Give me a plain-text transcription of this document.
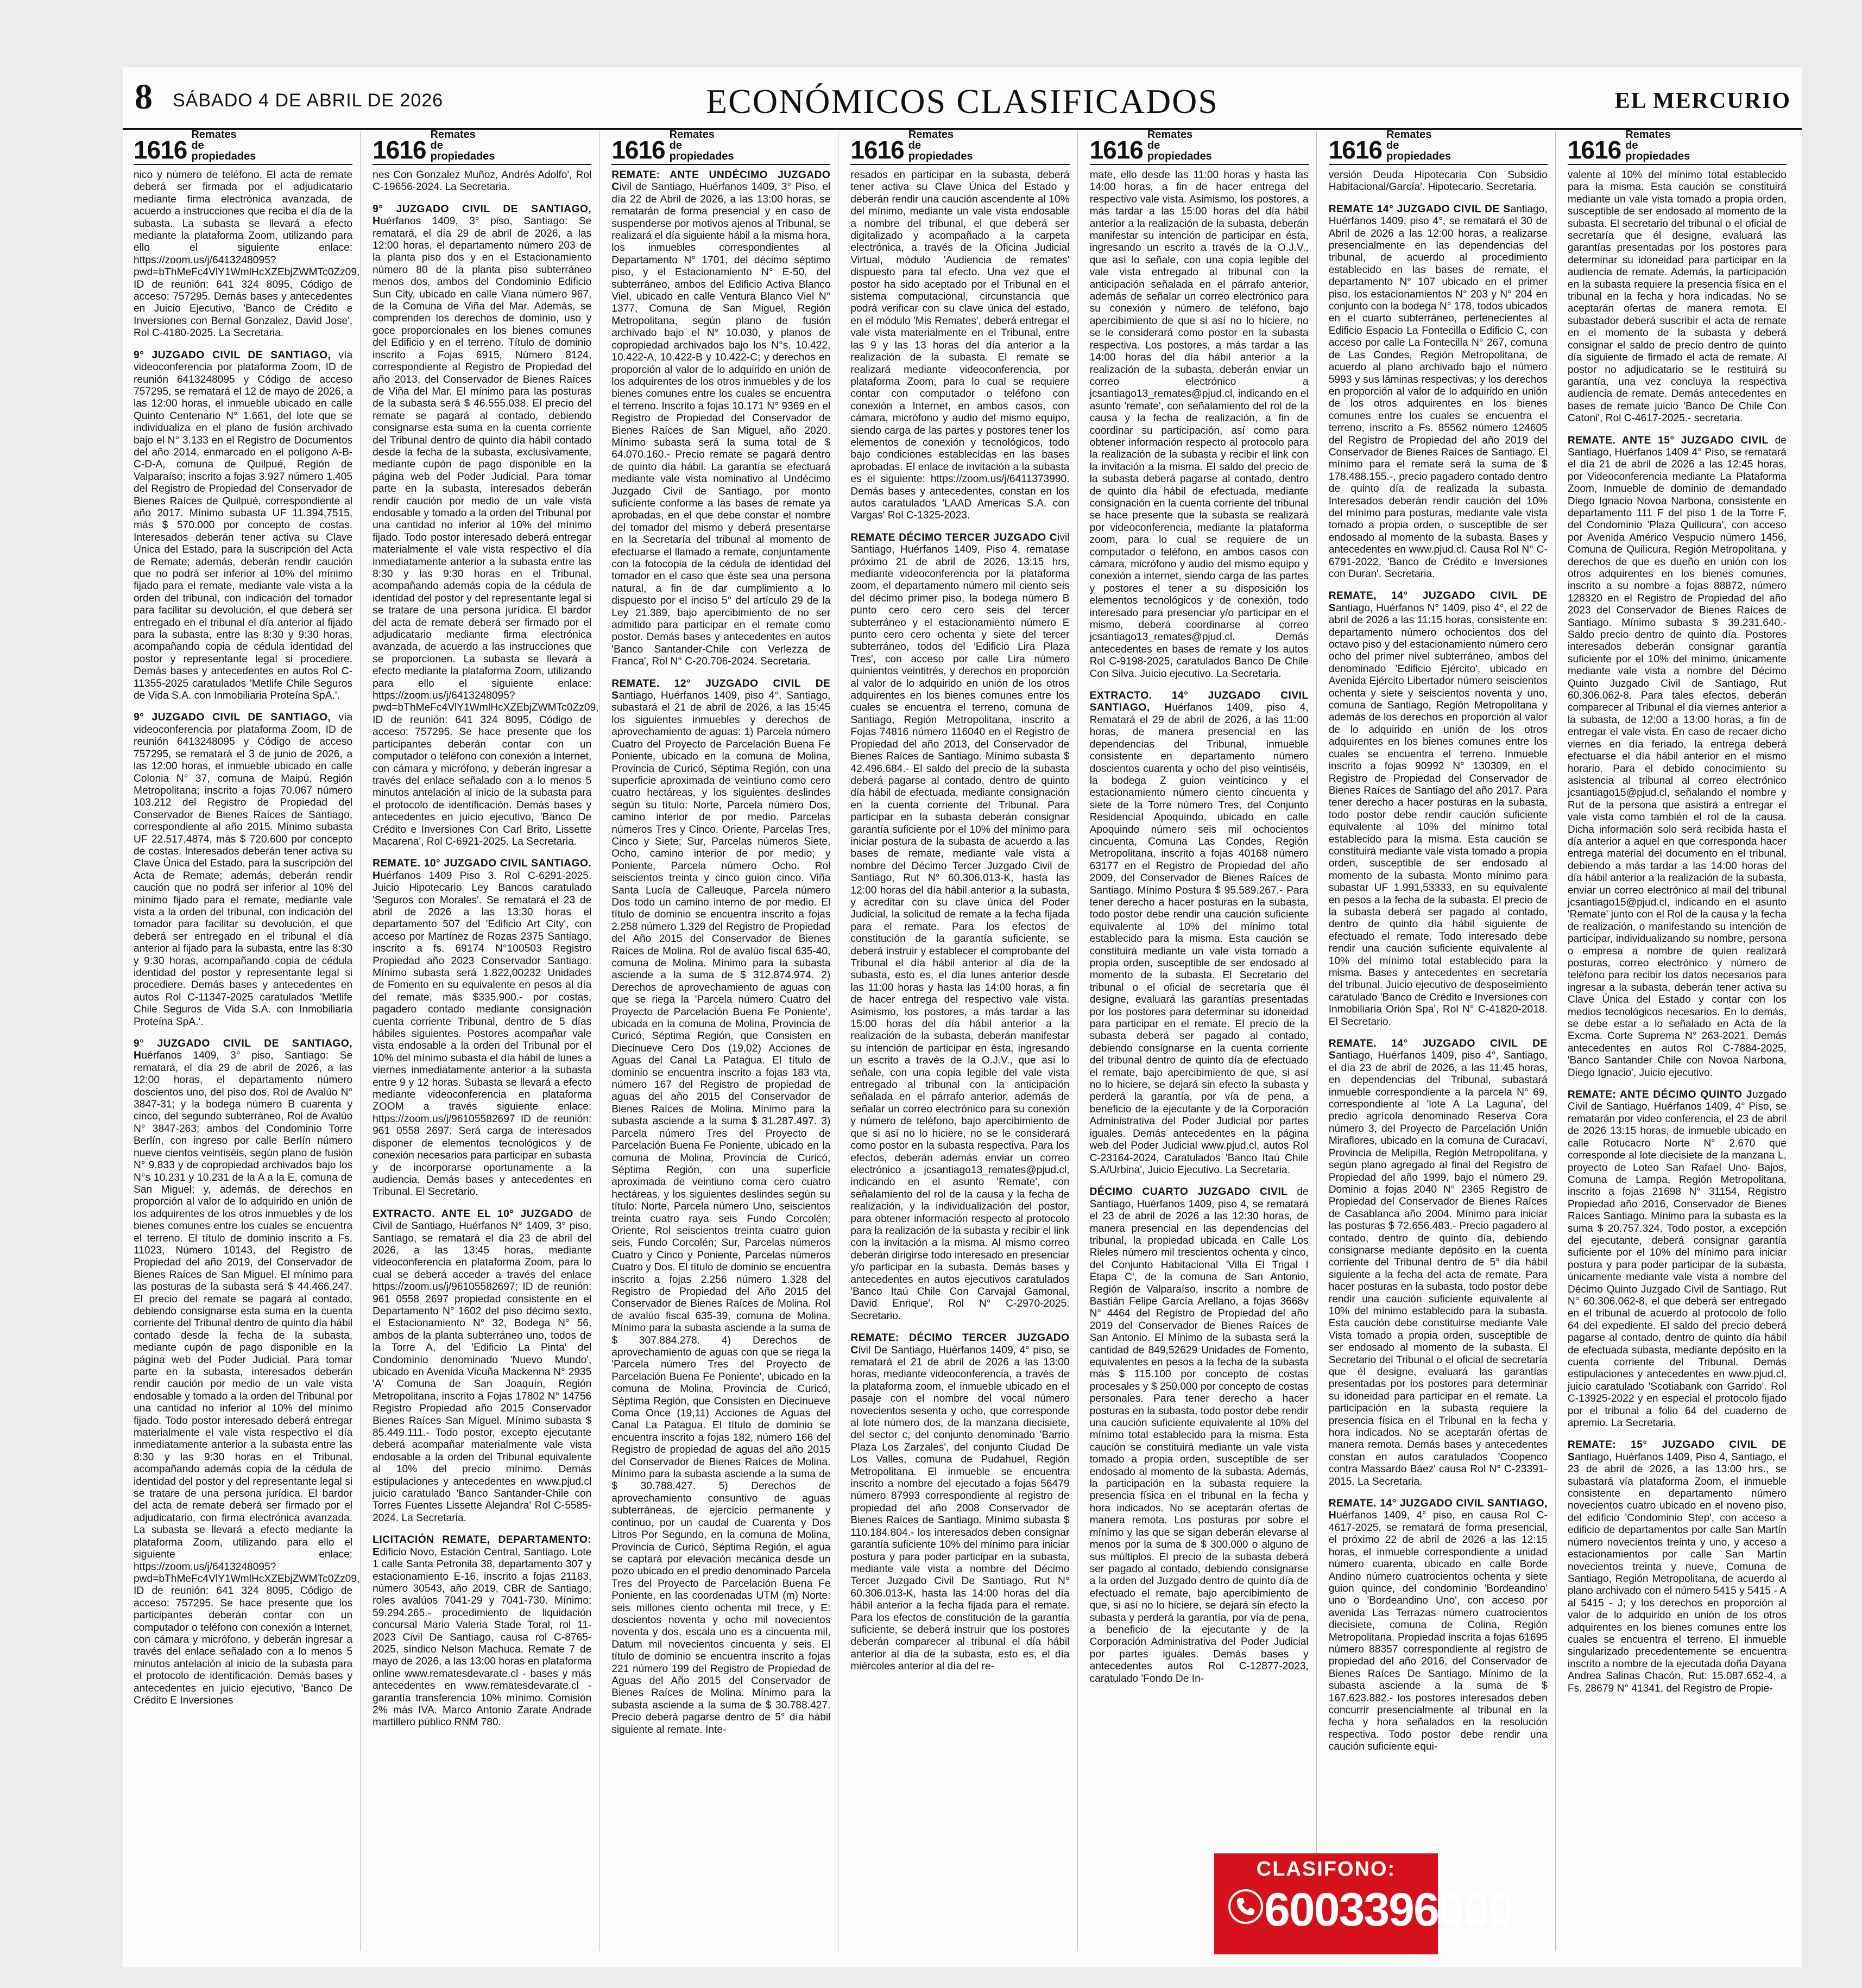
8 SÁBADO 4 DE ABRIL DE 2026	ECONÓMICOS CLASIFICADOS	EL MERCURIO
1616
Remates de propiedades

nico y número de teléfono. El acta de remate deberá ser firmada por el adjudicatario mediante firma electrónica avanzada, de acuerdo a instrucciones que reciba el día de la subasta. La subasta se llevará a efecto mediante la plataforma Zoom, utilizando para ello el siguiente enlace: https://zoom.us/j/6413248095?pwd=bThMeFc4VlY1WmlHcXZEbjZWMTc0Zz09, ID de reunión: 641 324 8095, Código de acceso: 757295. Demás bases y antecedentes en Juicio Ejecutivo, 'Banco de Crédito e Inversiones con Bernal Gonzalez, David Jose', Rol C-4180-2025. La Secretaria.

9° JUZGADO CIVIL DE SANTIAGO, vía videoconferencia por plataforma Zoom, ID de reunión 6413248095 y Código de acceso 757295, se rematará el 12 de mayo de 2026, a las 12:00 horas, el inmueble ubicado en calle Quinto Centenario N° 1.661, del lote que se individualiza en el plano de fusión archivado bajo el N° 3.133 en el Registro de Documentos del año 2014, enmarcado en el polígono A-B-C-D-A, comuna de Quilpué, Región de Valparaíso; inscrito a fojas 3.927 número 1.405 del Registro de Propiedad del Conservador de Bienes Raíces de Quilpué, correspondiente al año 2017. Mínimo subasta UF 11.394,7515, más $ 570.000 por concepto de costas. Interesados deberán tener activa su Clave Única del Estado, para la suscripción del Acta de Remate; además, deberán rendir caución que no podrá ser inferior al 10% del mínimo fijado para el remate, mediante vale vista a la orden del tribunal, con indicación del tomador para facilitar su devolución, el que deberá ser entregado en el tribunal el día anterior al fijado para la subasta, entre las 8:30 y 9:30 horas, acompañando copia de cédula identidad del postor y representante legal si procediere. Demás bases y antecedentes en autos Rol C-11355-2025 caratulados 'Metlife Chile Seguros de Vida S.A. con Inmobiliaria Proteína SpA.'.

9° JUZGADO CIVIL DE SANTIAGO, vía videoconferencia por plataforma Zoom, ID de reunión 6413248095 y Código de acceso 757295, se rematará el 3 de junio de 2026, a las 12:00 horas, el inmueble ubicado en calle Colonia N° 37, comuna de Maipú, Región Metropolitana; inscrito a fojas 70.067 número 103.212 del Registro de Propiedad del Conservador de Bienes Raíces de Santiago, correspondiente al año 2015. Mínimo subasta UF 22.517,4874, más $ 720.600 por concepto de costas. Interesados deberán tener activa su Clave Única del Estado, para la suscripción del Acta de Remate; además, deberán rendir caución que no podrá ser inferior al 10% del mínimo fijado para el remate, mediante vale vista a la orden del tribunal, con indicación del tomador para facilitar su devolución, el que deberá ser entregado en el tribunal el día anterior al fijado para la subasta, entre las 8:30 y 9:30 horas, acompañando copia de cédula identidad del postor y representante legal si procediere. Demás bases y antecedentes en autos Rol C-11347-2025 caratulados 'Metlife Chile Seguros de Vida S.A. con Inmobiliaria Proteína SpA.'.

9° JUZGADO CIVIL DE SANTIAGO, Huérfanos 1409, 3° piso, Santiago: Se rematará, el día 29 de abril de 2026, a las 12:00 horas, el departamento número doscientos uno, del piso dos, Rol de Avalúo N° 3847-31; y la bodega número B cuarenta y cinco, del segundo subterráneo, Rol de Avalúo N° 3847-263; ambos del Condominio Torre Berlín, con ingreso por calle Berlín número nueve cientos veintiséis, según plano de fusión N° 9.833 y de copropiedad archivados bajo los N°s 10.231 y 10.231 de la A a la E, comuna de San Miguel; y, además, de derechos en proporción al valor de lo adquirido en unión de los adquirentes de los otros inmuebles y de los bienes comunes entre los cuales se encuentra el terreno. El título de dominio inscrito a Fs. 11023, Número 10143, del Registro de Propiedad del año 2019, del Conservador de Bienes Raíces de San Miguel. El mínimo para las posturas de la subasta será $ 44.466.247. El precio del remate se pagará al contado, debiendo consignarse esta suma en la cuenta corriente del Tribunal dentro de quinto día hábil contado desde la fecha de la subasta, mediante cupón de pago disponible en la página web del Poder Judicial. Para tomar parte en la subasta, interesados deberán rendir caución por medio de un vale vista endosable y tomado a la orden del Tribunal por una cantidad no inferior al 10% del mínimo fijado. Todo postor interesado deberá entregar materialmente el vale vista respectivo el día inmediatamente anterior a la subasta entre las 8:30 y las 9:30 horas en el Tribunal, acompañando además copia de la cédula de identidad del postor y del representante legal si se tratare de una persona jurídica. El bardor del acta de remate deberá ser firmado por el adjudicatario, con firma electrónica avanzada. La subasta se llevará a efecto mediante la plataforma Zoom, utilizando para ello el siguiente enlace: https://zoom.us/j/6413248095?pwd=bThMeFc4VlY1WmlHcXZEbjZWMTc0Zz09, ID de reunión: 641 324 8095, Código de acceso: 757295. Se hace presente que los participantes deberán contar con un computador o teléfono con conexión a Internet, con cámara y micrófono, y deberán ingresar a través del enlace señalado con a lo menos 5 minutos antelación al inicio de la subasta para el protocolo de identificación. Demás bases y antecedentes en juicio ejecutivo, 'Banco De Crédito E Inversiones

1616
Remates de propiedades

nes Con Gonzalez Muñoz, Andrés Adolfo', Rol C-19656-2024. La Secretaria.

9° JUZGADO CIVIL DE SANTIAGO, Huérfanos 1409, 3° piso, Santiago: Se rematará, el día 29 de abril de 2026, a las 12:00 horas, el departamento número 203 de la planta piso dos y en el Estacionamiento número 80 de la planta piso subterráneo menos dos, ambos del Condominio Edificio Sun City, ubicado en calle Viana número 967, de la Comuna de Viña del Mar. Además, se comprenden los derechos de dominio, uso y goce proporcionales en los bienes comunes del Edificio y en el terreno. Título de dominio inscrito a Fojas 6915, Número 8124, correspondiente al Registro de Propiedad del año 2013, del Conservador de Bienes Raíces de Viña del Mar. El mínimo para las posturas de la subasta será $ 46.555.038. El precio del remate se pagará al contado, debiendo consignarse esta suma en la cuenta corriente del Tribunal dentro de quinto día hábil contado desde la fecha de la subasta, exclusivamente, mediante cupón de pago disponible en la página web del Poder Judicial. Para tomar parte en la subasta, interesados deberán rendir caución por medio de un vale vista endosable y tomado a la orden del Tribunal por una cantidad no inferior al 10% del mínimo fijado. Todo postor interesado deberá entregar materialmente el vale vista respectivo el día inmediatamente anterior a la subasta entre las 8:30 y las 9:30 horas en el Tribunal, acompañando además copia de la cédula de identidad del postor y del representante legal si se tratare de una persona jurídica. El bardor del acta de remate deberá ser firmado por el adjudicatario mediante firma electrónica avanzada, de acuerdo a las instrucciones que se proporcionen. La subasta se llevará a efecto mediante la plataforma Zoom, utilizando para ello el siguiente enlace: https://zoom.us/j/6413248095?pwd=bThMeFc4VlY1WmlHcXZEbjZWMTc0Zz09, ID de reunión: 641 324 8095, Código de acceso: 757295. Se hace presente que los participantes deberán contar con un computador o teléfono con conexión a Internet, con cámara y micrófono, y deberán ingresar a través del enlace señalado con a lo menos 5 minutos antelación al inicio de la subasta para el protocolo de identificación. Demás bases y antecedentes en juicio ejecutivo, 'Banco De Crédito e Inversiones Con Carl Brito, Lissette Macarena', Rol C-6921-2025. La Secretaria.

REMATE. 10° JUZGADO CIVIL SANTIAGO. Huérfanos 1409 Piso 3. Rol C-6291-2025. Juicio Hipotecario Ley Bancos caratulado 'Seguros con Morales'. Se rematará el 23 de abril de 2026 a las 13:30 horas el departamento 507 del 'Edificio Art City', con acceso por Martínez de Rozas 2375 Santiago, inscrito a fs. 69174 N°100503 Registro Propiedad año 2023 Conservador Santiago. Mínimo subasta será 1.822,00232 Unidades de Fomento en su equivalente en pesos al día del remate, más $335.900.- por costas, pagadero contado mediante consignación cuenta corriente Tribunal, dentro de 5 días hábiles siguientes. Postores acompañar vale vista endosable a la orden del Tribunal por el 10% del mínimo subasta el día hábil de lunes a viernes inmediatamente anterior a la subasta entre 9 y 12 horas. Subasta se llevará a efecto mediante videoconferencia en plataforma ZOOM a través siguiente enlace: https://zoom.us/j/96105582697 ID de reunión: 961 0558 2697. Será carga de interesados disponer de elementos tecnológicos y de conexión necesarios para participar en subasta y de incorporarse oportunamente a la audiencia. Demás bases y antecedentes en Tribunal. El Secretario.

EXTRACTO. ANTE EL 10° JUZGADO de Civil de Santiago, Huérfanos N° 1409, 3° piso, Santiago, se rematará el día 23 de abril del 2026, a las 13:45 horas, mediante videoconferencia en plataforma Zoom, para lo cual se deberá acceder a través del enlace https://zoom.us/j/96105582697; ID de reunión: 961 0558 2697 propiedad consistente en el Departamento N° 1602 del piso décimo sexto, el Estacionamiento N° 32, Bodega N° 56, ambos de la planta subterráneo uno, todos de la Torre A, del 'Edificio La Pinta' del Condominio denominado 'Nuevo Mundo', ubicado en Avenida Vicuña Mackenna N° 2935 'A' Comuna de San Joaquín, Región Metropolitana, inscrito a Fojas 17802 N° 14756 Registro Propiedad año 2015 Conservador Bienes Raíces San Miguel. Mínimo subasta $ 85.449.111.- Todo postor, excepto ejecutante deberá acompañar materialmente vale vista endosable a la orden del Tribunal equivalente al 10% del precio mínimo. Demás estipulaciones y antecedentes en www.pjud.cl juicio caratulado 'Banco Santander-Chile con Torres Fuentes Lissette Alejandra' Rol C-5585-2024. La Secretaria.

LICITACIÓN REMATE, DEPARTAMENTO: Edificio Novo, Estación Central, Santiago. Lote 1 calle Santa Petronila 38, departamento 307 y estacionamiento E-16, inscrito a fojas 21183, número 30543, año 2019, CBR de Santiago, roles avalúos 7041-29 y 7041-730. Mínimo: 59.294.265.- procedimiento de liquidación concursal Mario Valeria Stade Toral, rol 11-2023 Civil De Santiago, causa rol C-8765-2025, síndico Nelson Machuca. Remate 7 de mayo de 2026, a las 13:00 horas en plataforma online www.rematesdevarate.cl - bases y más antecedentes en www.rematesdevarate.cl - garantía transferencia 10% mínimo. Comisión 2% más IVA. Marco Antonio Zarate Andrade martillero público RNM 780.

1616
Remates de propiedades

REMATE: ANTE UNDÉCIMO JUZGADO Civil de Santiago, Huérfanos 1409, 3° Piso, el día 22 de Abril de 2026, a las 13:00 horas, se rematarán de forma presencial y en caso de suspenderse por motivos ajenos al Tribunal, se realizará el día siguiente hábil a la misma hora, los inmuebles correspondientes al Departamento N° 1701, del décimo séptimo piso, y el Estacionamiento N° E-50, del subterráneo, ambos del Edificio Activa Blanco Viel, ubicado en calle Ventura Blanco Viel N° 1377, Comuna de San Miguel, Región Metropolitana, según plano de fusión archivado bajo el N° 10.030, y planos de copropiedad archivados bajo los N°s. 10.422, 10.422-A, 10.422-B y 10.422-C; y derechos en proporción al valor de lo adquirido en unión de los adquirentes de los otros inmuebles y de los bienes comunes entre los cuales se encuentra el terreno. Inscrito a fojas 10.171 N° 9369 en el Registro de Propiedad del Conservador de Bienes Raíces de San Miguel, año 2020. Mínimo subasta será la suma total de $ 64.070.160.- Precio remate se pagará dentro de quinto día hábil. La garantía se efectuará mediante vale vista nominativo al Undécimo Juzgado Civil de Santiago, por monto suficiente conforme a las bases de remate ya aprobadas, en el que debe constar el nombre del tomador del mismo y deberá presentarse en la Secretaría del tribunal al momento de efectuarse el llamado a remate, conjuntamente con la fotocopia de la cédula de identidad del tomador en el caso que éste sea una persona natural, a fin de dar cumplimiento a lo dispuesto por el inciso 5° del artículo 29 de la Ley 21.389, bajo apercibimiento de no ser admitido para participar en el remate como postor. Demás bases y antecedentes en autos 'Banco Santander-Chile con Verlezza de Franca', Rol N° C-20.706-2024. Secretaria.

REMATE. 12° JUZGADO CIVIL DE Santiago, Huérfanos 1409, piso 4°, Santiago, subastará el 21 de abril de 2026, a las 15:45 los siguientes inmuebles y derechos de aprovechamiento de aguas: 1) Parcela número Cuatro del Proyecto de Parcelación Buena Fe Poniente, ubicado en la comuna de Molina, Provincia de Curicó, Séptima Región, con una superficie aproximada de veintiuno como cero cuatro hectáreas, y los siguientes deslindes según su título: Norte, Parcela número Dos, camino interior de por medio. Parcelas números Tres y Cinco. Oriente, Parcelas Tres, Cinco y Siete; Sur, Parcelas números Siete, Ocho, camino interior de por medio; y Poniente, Parcela número Ocho. Rol seiscientos treinta y cinco guion cinco. Viña Santa Lucía de Calleuque, Parcela número Dos todo un camino interno de por medio. El título de dominio se encuentra inscrito a fojas 2.258 número 1.329 del Registro de Propiedad del Año 2015 del Conservador de Bienes Raíces de Molina. Rol de avalúo fiscal 635-40, comuna de Molina. Mínimo para la subasta asciende a la suma de $ 312.874.974. 2) Derechos de aprovechamiento de aguas con que se riega la 'Parcela número Cuatro del Proyecto de Parcelación Buena Fe Poniente', ubicada en la comuna de Molina, Provincia de Curicó, Séptima Región, que Consisten en Diecinueve Cero Dos (19,02) Acciones de Aguas del Canal La Patagua. El título de dominio se encuentra inscrito a fojas 183 vta, número 167 del Registro de propiedad de aguas del año 2015 del Conservador de Bienes Raíces de Molina. Mínimo para la subasta asciende a la suma $ 31.287.497. 3) Parcela número Tres del Proyecto de Parcelación Buena Fe Poniente, ubicado en la comuna de Molina, Provincia de Curicó, Séptima Región, con una superficie aproximada de veintiuno coma cero cuatro hectáreas, y los siguientes deslindes según su título: Norte, Parcela número Uno, seiscientos treinta cuatro raya seis Fundo Corcolén; Oriente, Rol seiscientos treinta cuatro guion seis, Fundo Corcolén; Sur, Parcelas números Cuatro y Cinco y Poniente, Parcelas números Cuatro y Dos. El título de dominio se encuentra inscrito a fojas 2.256 número 1.328 del Registro de Propiedad del Año 2015 del Conservador de Bienes Raíces de Molina. Rol de avalúo fiscal 635-39, comuna de Molina. Mínimo para la subasta asciende a la suma de $ 307.884.278. 4) Derechos de aprovechamiento de aguas con que se riega la 'Parcela número Tres del Proyecto de Parcelación Buena Fe Poniente', ubicado en la comuna de Molina, Provincia de Curicó, Séptima Región, que Consisten en Diecinueve Coma Once (19,11) Acciones de Aguas del Canal La Patagua. El título de dominio se encuentra inscrito a fojas 182, número 166 del Registro de propiedad de aguas del año 2015 del Conservador de Bienes Raíces de Molina. Mínimo para la subasta asciende a la suma de $ 30.788.427. 5) Derechos de aprovechamiento consuntivo de aguas subterráneas, de ejercicio permanente y continuo, por un caudal de Cuarenta y Dos Litros Por Segundo, en la comuna de Molina, Provincia de Curicó, Séptima Región, el agua se captará por elevación mecánica desde un pozo ubicado en el predio denominado Parcela Tres del Proyecto de Parcelación Buena Fe Poniente, en las coordenadas UTM (m) Norte: seis millones ciento ochenta mil trece, y E: doscientos noventa y ocho mil novecientos noventa y dos, escala uno es a cincuenta mil, Datum mil novecientos cincuenta y seis. El título de dominio se encuentra inscrito a fojas 221 número 199 del Registro de Propiedad de Aguas del Año 2015 del Conservador de Bienes Raíces de Molina. Mínimo para la subasta asciende a la suma de $ 30.788.427. Precio deberá pagarse dentro de 5° día hábil siguiente al remate. Inte-

1616
Remates de propiedades

resados en participar en la subasta, deberá tener activa su Clave Única del Estado y deberán rendir una caución ascendente al 10% del mínimo, mediante un vale vista endosable a nombre del tribunal, el que deberá ser digitalizado y acompañado a la carpeta electrónica, a través de la Oficina Judicial Virtual, módulo 'Audiencia de remates' dispuesto para tal efecto. Una vez que el postor ha sido aceptado por el Tribunal en el sistema computacional, circunstancia que podrá verificar con su clave única del estado, en el módulo 'Mis Remates', deberá entregar el vale vista materialmente en el Tribunal, entre las 9 y las 13 horas del día anterior a la realización de la subasta. El remate se realizará mediante videoconferencia, por plataforma Zoom, para lo cual se requiere contar con computador o teléfono con conexión a Internet, en ambos casos, con cámara, micrófono y audio del mismo equipo, siendo carga de las partes y postores tener los elementos de conexión y tecnológicos, todo bajo condiciones establecidas en las bases aprobadas. El enlace de invitación a la subasta es el siguiente: https://zoom.us/j/6411373990. Demás bases y antecedentes, constan en los autos caratulados 'LAAD Americas S.A. con Vargas' Rol C-1325-2023.

REMATE DÉCIMO TERCER JUZGADO Civil Santiago, Huérfanos 1409, Piso 4, rematase próximo 21 de abril de 2026, 13:15 hrs, mediante videoconferencia por la plataforma zoom, el departamento número mil ciento seis del décimo primer piso, la bodega número B punto cero cero cero seis del tercer subterráneo y el estacionamiento número E punto cero cero ochenta y siete del tercer subterráneo, todos del 'Edificio Lira Plaza Tres', con acceso por calle Lira número quinientos veintitrés, y derechos en proporción al valor de lo adquirido en unión de los otros adquirentes en los bienes comunes entre los cuales se encuentra el terreno, comuna de Santiago, Región Metropolitana, inscrito a Fojas 74816 número 116040 en el Registro de Propiedad del año 2013, del Conservador de Bienes Raíces de Santiago. Mínimo subasta $ 42.496.684.- El saldo del precio de la subasta deberá pagarse al contado, dentro de quinto día hábil de efectuada, mediante consignación en la cuenta corriente del Tribunal. Para participar en la subasta deberán consignar garantía suficiente por el 10% del mínimo para iniciar postura de la subasta de acuerdo a las bases de remate, mediante vale vista a nombre del Décimo Tercer Juzgado Civil de Santiago, Rut N° 60.306.013-K, hasta las 12:00 horas del día hábil anterior a la subasta, y acreditar con su clave única del Poder Judicial, la solicitud de remate a la fecha fijada para el remate. Para los efectos de constitución de la garantía suficiente, se deberá instruir y establecer el comprobante del Tribunal el día hábil anterior al día de la subasta, esto es, el día lunes anterior desde las 11:00 horas y hasta las 14:00 horas, a fin de hacer entrega del respectivo vale vista. Asimismo, los postores, a más tardar a las 15:00 horas del día hábil anterior a la realización de la subasta, deberán manifestar su intención de participar en ésta, ingresando un escrito a través de la O.J.V., que así lo señale, con una copia legible del vale vista entregado al tribunal con la anticipación señalada en el párrafo anterior, además de señalar un correo electrónico para su conexión y número de teléfono, bajo apercibimiento de que si así no lo hiciere, no se le considerará como postor en la subasta respectiva. Para los efectos, deberán además enviar un correo electrónico a jcsantiago13_remates@pjud.cl, indicando en el asunto 'Remate', con señalamiento del rol de la causa y la fecha de realización, y la individualización del postor, para obtener información respecto al protocolo para la realización de la subasta y recibir el link con la invitación a la misma. Al mismo correo deberán dirigirse todo interesado en presenciar y/o participar en la subasta. Demás bases y antecedentes en autos ejecutivos caratulados 'Banco Itaú Chile Con Carvajal Gamonal, David Enrique', Rol N° C-2970-2025. Secretario.

REMATE: DÉCIMO TERCER JUZGADO Civil De Santiago, Huérfanos 1409, 4° piso, se rematará el 21 de abril de 2026 a las 13:00 horas, mediante videoconferencia, a través de la plataforma zoom, el inmueble ubicado en el pasaje con el nombre del vocal número novecientos sesenta y ocho, que corresponde al lote número dos, de la manzana diecisiete, del sector c, del conjunto denominado 'Barrio Plaza Los Zarzales', del conjunto Ciudad De Los Valles, comuna de Pudahuel, Región Metropolitana. El inmueble se encuentra inscrito a nombre del ejecutado a fojas 56479 número 87993 correspondiente al registro de propiedad del año 2008 Conservador de Bienes Raíces de Santiago. Mínimo subasta $ 110.184.804.- los interesados deben consignar garantía suficiente 10% del mínimo para iniciar postura y para poder participar en la subasta, mediante vale vista a nombre del Décimo Tercer Juzgado Civil De Santiago, Rut N° 60.306.013-K, hasta las 14:00 horas del día hábil anterior a la fecha fijada para el remate. Para los efectos de constitución de la garantía suficiente, se deberá instruir que los postores deberán comparecer al tribunal el día hábil anterior al día de la subasta, esto es, el día miércoles anterior al día del re-

1616
Remates de propiedades

mate, ello desde las 11:00 horas y hasta las 14:00 horas, a fin de hacer entrega del respectivo vale vista. Asimismo, los postores, a más tardar a las 15:00 horas del día hábil anterior a la realización de la subasta, deberán manifestar su intención de participar en ésta, ingresando un escrito a través de la O.J.V., que así lo señale, con una copia legible del vale vista entregado al tribunal con la anticipación señalada en el párrafo anterior, además de señalar un correo electrónico para su conexión y número de teléfono, bajo apercibimiento de que si así no lo hiciere, no se le considerará como postor en la subasta respectiva. Los postores, a más tardar a las 14:00 horas del día hábil anterior a la realización de la subasta, deberán enviar un correo electrónico a jcsantiago13_remates@pjud.cl, indicando en el asunto 'remate', con señalamiento del rol de la causa y la fecha de realización, a fin de coordinar su participación, así como para obtener información respecto al protocolo para la realización de la subasta y recibir el link con la invitación a la misma. El saldo del precio de la subasta deberá pagarse al contado, dentro de quinto día hábil de efectuada, mediante consignación en la cuenta corriente del tribunal se hace presente que la subasta se realizará por videoconferencia, mediante la plataforma zoom, para lo cual se requiere de un computador o teléfono, en ambos casos con cámara, micrófono y audio del mismo equipo y conexión a internet, siendo carga de las partes y postores el tener a su disposición los elementos tecnológicos y de conexión, todo interesado para presenciar y/o participar en el mismo, deberá coordinarse al correo jcsantiago13_remates@pjud.cl. Demás antecedentes en bases de remate y los autos Rol C-9198-2025, caratulados Banco De Chile Con Silva. Juicio ejecutivo. La Secretaria.

EXTRACTO. 14° JUZGADO CIVIL SANTIAGO, Huérfanos 1409, piso 4, Rematará el 29 de abril de 2026, a las 11:00 horas, de manera presencial en las dependencias del Tribunal, inmueble consistente en departamento número doscientos cuarenta y ocho del piso veintiséis, la bodega Z guion veinticinco y el estacionamiento número ciento cincuenta y siete de la Torre número Tres, del Conjunto Residencial Apoquindo, ubicado en calle Apoquindo número seis mil ochocientos cincuenta, Comuna Las Condes, Región Metropolitana, inscrito a fojas 40168 número 63177 en el Registro de Propiedad del año 2009, del Conservador de Bienes Raíces de Santiago. Mínimo Postura $ 95.589.267.- Para tener derecho a hacer posturas en la subasta, todo postor debe rendir una caución suficiente equivalente al 10% del mínimo total establecido para la misma. Esta caución se constituirá mediante un vale vista tomado a propia orden, susceptible de ser endosado al momento de la subasta. El Secretario del tribunal o el oficial de secretaría que él designe, evaluará las garantías presentadas por los postores para determinar su idoneidad para participar en el remate. El precio de la subasta deberá ser pagado al contado, debiendo consignarse en la cuenta corriente del tribunal dentro de quinto día de efectuado el remate, bajo apercibimiento de que, si así no lo hiciere, se dejará sin efecto la subasta y perderá la garantía, por vía de pena, a beneficio de la ejecutante y de la Corporación Administrativa del Poder Judicial por partes iguales. Demás antecedentes en la página web del Poder Judicial www.pjud.cl, autos Rol C-23164-2024, Caratulados 'Banco Itaú Chile S.A/Urbina', Juicio Ejecutivo. La Secretaria.

DÉCIMO CUARTO JUZGADO CIVIL de Santiago, Huérfanos 1409, piso 4, se rematará el 23 de abril de 2026 a las 12:30 horas, de manera presencial en las dependencias del tribunal, la propiedad ubicada en Calle Los Rieles número mil trescientos ochenta y cinco, del Conjunto Habitacional 'Villa El Trigal I Etapa C', de la comuna de San Antonio, Región de Valparaíso, inscrito a nombre de Bastián Felipe García Arellano, a fojas 3668v N° 4464 del Registro de Propiedad del año 2019 del Conservador de Bienes Raíces de San Antonio. El Mínimo de la subasta será la cantidad de 849,52629 Unidades de Fomento, equivalentes en pesos a la fecha de la subasta más $ 115.100 por concepto de costas procesales y $ 250.000 por concepto de costas personales. Para tener derecho a hacer posturas en la subasta, todo postor debe rendir una caución suficiente equivalente al 10% del mínimo total establecido para la misma. Esta caución se constituirá mediante un vale vista tomado a propia orden, susceptible de ser endosado al momento de la subasta. Además, la participación en la subasta requiere la presencia física en el tribunal en la fecha y hora indicados. No se aceptarán ofertas de manera remota. Los posturas por sobre el mínimo y las que se sigan deberán elevarse al menos por la suma de $ 300.000 o alguno de sus múltiplos. El precio de la subasta deberá ser pagado al contado, debiendo consignarse a la orden del Juzgado dentro de quinto día de efectuado el remate, bajo apercibimiento de que, si así no lo hiciere, se dejará sin efecto la subasta y perderá la garantía, por vía de pena, a beneficio de la ejecutante y de la Corporación Administrativa del Poder Judicial por partes iguales. Demás bases y antecedentes autos Rol C-12877-2023, caratulado 'Fondo De In-

1616
Remates de propiedades

versión Deuda Hipotecaria Con Subsidio Habitacional/García'. Hipotecario. Secretaria.

REMATE 14° JUZGADO CIVIL DE Santiago, Huérfanos 1409, piso 4°, se rematará el 30 de Abril de 2026 a las 12:00 horas, a realizarse presencialmente en las dependencias del tribunal, de acuerdo al procedimiento establecido en las bases de remate, el departamento N° 107 ubicado en el primer piso, los estacionamientos N° 203 y N° 204 en conjunto con la bodega N° 178, todos ubicados en el cuarto subterráneo, pertenecientes al Edificio Espacio La Fontecilla o Edificio C, con acceso por calle La Fontecilla N° 267, comuna de Las Condes, Región Metropolitana, de acuerdo al plano archivado bajo el número 5993 y sus láminas respectivas; y los derechos en proporción al valor de lo adquirido en unión de los otros adquirentes en los bienes comunes entre los cuales se encuentra el terreno, inscrito a Fs. 85562 número 124605 del Registro de Propiedad del año 2019 del Conservador de Bienes Raíces de Santiago. El mínimo para el remate será la suma de $ 178.488.155.-, precio pagadero contado dentro de quinto día de realizada la subasta. Interesados deberán rendir caución del 10% del mínimo para posturas, mediante vale vista tomado a propia orden, o susceptible de ser endosado al momento de la subasta. Bases y antecedentes en www.pjud.cl. Causa Rol N° C-6791-2022, 'Banco de Crédito e Inversiones con Duran'. Secretaria.

REMATE, 14° JUZGADO CIVIL DE Santiago, Huérfanos N° 1409, piso 4°, el 22 de abril de 2026 a las 11:15 horas, consistente en: departamento número ochocientos dos del octavo piso y del estacionamiento número cero ocho del primer nivel subterráneo, ambos del denominado 'Edificio Ejército', ubicado en Avenida Ejército Libertador número seiscientos ochenta y siete y seiscientos noventa y uno, comuna de Santiago, Región Metropolitana y además de los derechos en proporción al valor de lo adquirido en unión de los otros adquirentes en los bienes comunes entre los cuales se encuentra el terreno. Inmueble inscrito a fojas 90992 N° 130309, en el Registro de Propiedad del Conservador de Bienes Raíces de Santiago del año 2017. Para tener derecho a hacer posturas en la subasta, todo postor debe rendir caución suficiente equivalente al 10% del mínimo total establecido para la misma. Esta caución se constituirá mediante vale vista tomado a propia orden, susceptible de ser endosado al momento de la subasta. Monto mínimo para subastar UF 1.991,53333, en su equivalente en pesos a la fecha de la subasta. El precio de la subasta deberá ser pagado al contado, dentro de quinto día hábil siguiente de efectuado el remate. Todo interesado debe rendir una caución suficiente equivalente al 10% del mínimo total establecido para la misma. Bases y antecedentes en secretaría del tribunal. Juicio ejecutivo de desposeimiento caratulado 'Banco de Crédito e Inversiones con Inmobiliaria Orión Spa', Rol N° C-41820-2018. El Secretario.

REMATE. 14° JUZGADO CIVIL DE Santiago, Huérfanos 1409, piso 4°, Santiago, el día 23 de abril de 2026, a las 11:45 horas, en dependencias del Tribunal, subastará inmueble correspondiente a la parcela N° 69, correspondiente al 'lote A La Laguna', del predio agrícola denominado Reserva Cora número 3, del Proyecto de Parcelación Unión Miraflores, ubicado en la comuna de Curacaví, Provincia de Melipilla, Región Metropolitana, y según plano agregado al final del Registro de Propiedad del año 1999, bajo el número 29. Dominio a fojas 2040 N° 2365 Registro de Propiedad del Conservador de Bienes Raíces de Casablanca año 2004. Mínimo para iniciar las posturas $ 72.656.483.- Precio pagadero al contado, dentro de quinto día, debiendo consignarse mediante depósito en la cuenta corriente del Tribunal dentro de 5° día hábil siguiente a la fecha del acta de remate. Para hacer posturas en la subasta, todo postor debe rendir una caución suficiente equivalente al 10% del mínimo establecido para la subasta. Esta caución debe constituirse mediante Vale Vista tomado a propia orden, susceptible de ser endosado al momento de la subasta. El Secretario del Tribunal o el oficial de secretaría que él designe, evaluará las garantías presentadas por los postores para determinar su idoneidad para participar en el remate. La participación en la subasta requiere la presencia física en el Tribunal en la fecha y hora indicados. No se aceptarán ofertas de manera remota. Demás bases y antecedentes constan en autos caratulados 'Coopenco contra Massardo Báez' causa Rol N° C-23391-2015. La Secretaria.

REMATE. 14° JUZGADO CIVIL SANTIAGO, Huérfanos 1409, 4° piso, en causa Rol C-4617-2025, se rematará de forma presencial, el próximo 22 de abril de 2026 a las 12:15 horas, el inmueble correspondiente a unidad número cuarenta, ubicado en calle Borde Andino número cuatrocientos ochenta y siete guion quince, del condominio 'Bordeandino' uno o 'Bordeandino Uno', con acceso por avenida Las Terrazas número cuatrocientos diecisiete, comuna de Colina, Región Metropolitana. Propiedad inscrita a fojas 61695 número 88357 correspondiente al registro de propiedad del año 2016, del Conservador de Bienes Raíces De Santiago. Mínimo de la subasta asciende a la suma de $ 167.623.882.- los postores interesados deben concurrir presencialmente al tribunal en la fecha y hora señalados en la resolución respectiva. Todo postor debe rendir una caución suficiente equi-

1616
Remates de propiedades

valente al 10% del mínimo total establecido para la misma. Esta caución se constituirá mediante un vale vista tomado a propia orden, susceptible de ser endosado al momento de la subasta. El secretario del tribunal o el oficial de secretaría que él designe, evaluará las garantías presentadas por los postores para determinar su idoneidad para participar en la audiencia de remate. Además, la participación en la subasta requiere la presencia física en el tribunal en la fecha y hora indicadas. No se aceptarán ofertas de manera remota. El subastador deberá suscribir el acta de remate en el momento de la subasta y deberá consignar el saldo de precio dentro de quinto día siguiente de firmado el acta de remate. Al postor no adjudicatario se le restituirá su garantía, una vez concluya la respectiva audiencia de remate. Demás antecedentes en bases de remate juicio 'Banco De Chile Con Catoni', Rol C-4617-2025.- secretaria.

REMATE. ANTE 15° JUZGADO CIVIL de Santiago, Huérfanos 1409 4° Piso, se rematará el día 21 de abril de 2026 a las 12:45 horas, por Videoconferencia mediante La Plataforma Zoom, Inmueble de dominio de demandado Diego Ignacio Novoa Narbona, consistente en departamento 111 F del piso 1 de la Torre F, del Condominio 'Plaza Quilicura', con acceso por Avenida Américo Vespucio número 1456, Comuna de Quilicura, Región Metropolitana, y derechos de que es dueño en unión con los otros adquirentes en los bienes comunes, inscrito a su nombre a fojas 88872, número 128320 en el Registro de Propiedad del año 2023 del Conservador de Bienes Raíces de Santiago. Mínimo subasta $ 39.231.640.- Saldo precio dentro de quinto día. Postores interesados deberán consignar garantía suficiente por el 10% del mínimo, únicamente mediante vale vista a nombre del Décimo Quinto Juzgado Civil de Santiago, Rut 60.306.062-8. Para tales efectos, deberán comparecer al Tribunal el día viernes anterior a la subasta, de 12:00 a 13:00 horas, a fin de entregar el vale vista. En caso de recaer dicho viernes en día feriado, la entrega deberá efectuarse el día hábil anterior en el mismo horario. Para el debido conocimiento su asistencia al tribunal al correo electrónico jcsantiago15@pjud.cl, señalando el nombre y Rut de la persona que asistirá a entregar el vale vista como también el rol de la causa. Dicha información solo será recibida hasta el día anterior a aquel en que corresponda hacer entrega material del documento en el tribunal, debiendo a más tardar a las 14:00 horas del día hábil anterior a la realización de la subasta, enviar un correo electrónico al mail del tribunal jcsantiago15@pjud.cl, indicando en el asunto 'Remate' junto con el Rol de la causa y la fecha de realización, o manifestando su intención de participar, individualizando su nombre, persona o empresa a nombre de quien realizará posturas, correo electrónico y número de teléfono para recibir los datos necesarios para ingresar a la subasta, deberán tener activa su Clave Única del Estado y contar con los medios tecnológicos necesarios. En lo demás, se debe estar a lo señalado en Acta de la Excma. Corte Suprema N° 263-2021. Demás antecedentes en autos Rol C-7884-2025, 'Banco Santander Chile con Novoa Narbona, Diego Ignacio', Juicio ejecutivo.

REMATE: ANTE DÉCIMO QUINTO Juzgado Civil de Santiago, Huérfanos 1409, 4° Piso, se rematarán por video conferencia, el 23 de abril de 2026 13:15 horas, de inmueble ubicado en calle Rotucacro Norte N° 2.670 que corresponde al lote diecisiete de la manzana L, proyecto de Loteo San Rafael Uno- Bajos, Comuna de Lampa, Región Metropolitana, inscrito a fojas 21698 N° 31154, Registro Propiedad año 2016, Conservador de Bienes Raíces Santiago. Mínimo para la subasta es la suma $ 20.757.324. Todo postor, a excepción del ejecutante, deberá consignar garantía suficiente por el 10% del mínimo para iniciar postura y para poder participar de la subasta, únicamente mediante vale vista a nombre del Décimo Quinto Juzgado Civil de Santiago, Rut N° 60.306.062-8, el que deberá ser entregado en el tribunal de acuerdo al protocolo de folio 64 del expediente. El saldo del precio deberá pagarse al contado, dentro de quinto día hábil de efectuada subasta, mediante depósito en la cuenta corriente del Tribunal. Demás estipulaciones y antecedentes en www.pjud.cl, juicio caratulado 'Scotiabank con Garrido'. Rol C-13925-2022 y en especial el protocolo fijado por el tribunal a folio 64 del cuaderno de apremio. La Secretaria.

REMATE: 15° JUZGADO CIVIL DE Santiago, Huérfanos 1409, Piso 4, Santiago, el 23 de abril de 2026, a las 13:00 hrs., se subastará vía plataforma Zoom, el inmueble consistente en departamento número novecientos cuatro ubicado en el noveno piso, del edificio 'Condominio Step', con acceso a edificio de departamentos por calle San Martín número novecientos treinta y uno, y acceso a estacionamientos por calle San Martín novecientos treinta y nueve, Comuna de Santiago, Región Metropolitana, de acuerdo al plano archivado con el número 5415 y 5415 - A al 5415 - J; y los derechos en proporción al valor de lo adquirido en unión de los otros adquirentes en los bienes comunes entre los cuales se encuentra el terreno. El inmueble singularizado precedentemente se encuentra inscrito a nombre de la ejecutada doña Dayana Andrea Salinas Chacón, Rut: 15.087.652-4, a Fs. 28679 N° 41341, del Registro de Propie-

CLASIFONO:
6003396000
